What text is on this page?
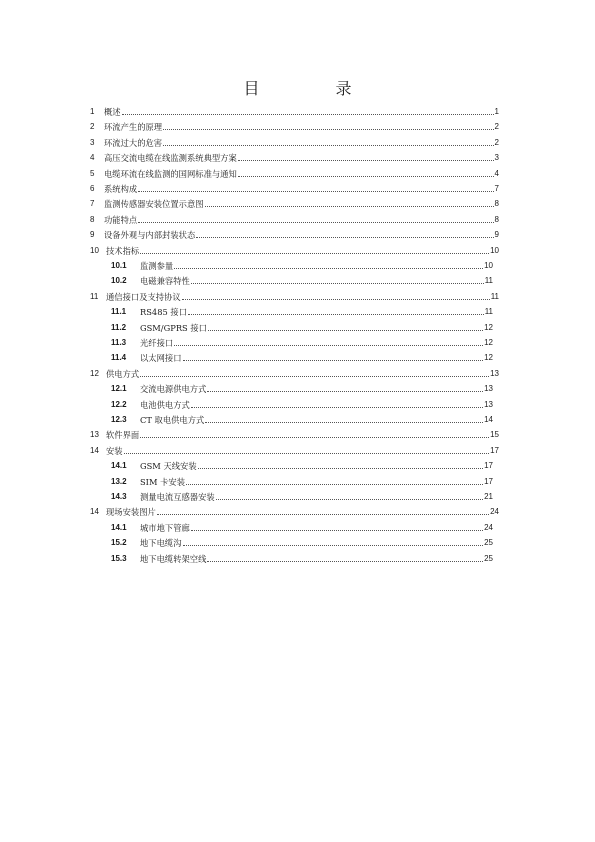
目　录
1	概述	1
2	环流产生的原理	2
3	环流过大的危害	2
4	高压交流电缆在线监测系统典型方案	3
5	电缆环流在线监测的国网标准与通知	4
6	系统构成	7
7	监测传感器安装位置示意图	8
8	功能特点	8
9	设备外观与内部封装状态	9
10 技术指标	10
10.1	监测参量	10
10.2	电磁兼容特性	11
11 通信接口及支持协议	11
11.1	RS485 接口	11
11.2	GSM/GPRS 接口	12
11.3	光纤接口	12
11.4	以太网接口	12
12 供电方式	13
12.1	交流电源供电方式	13
12.2	电池供电方式	13
12.3	CT 取电供电方式	14
13 软件界面	15
14 安装	17
14.1	GSM 天线安装	17
13.2	SIM 卡安装	17
14.3	测量电流互感器安装	21
14 现场安装图片	24
14.1	城市地下管廊	24
15.2	地下电缆沟	25
15.3	地下电缆转架空线	25
